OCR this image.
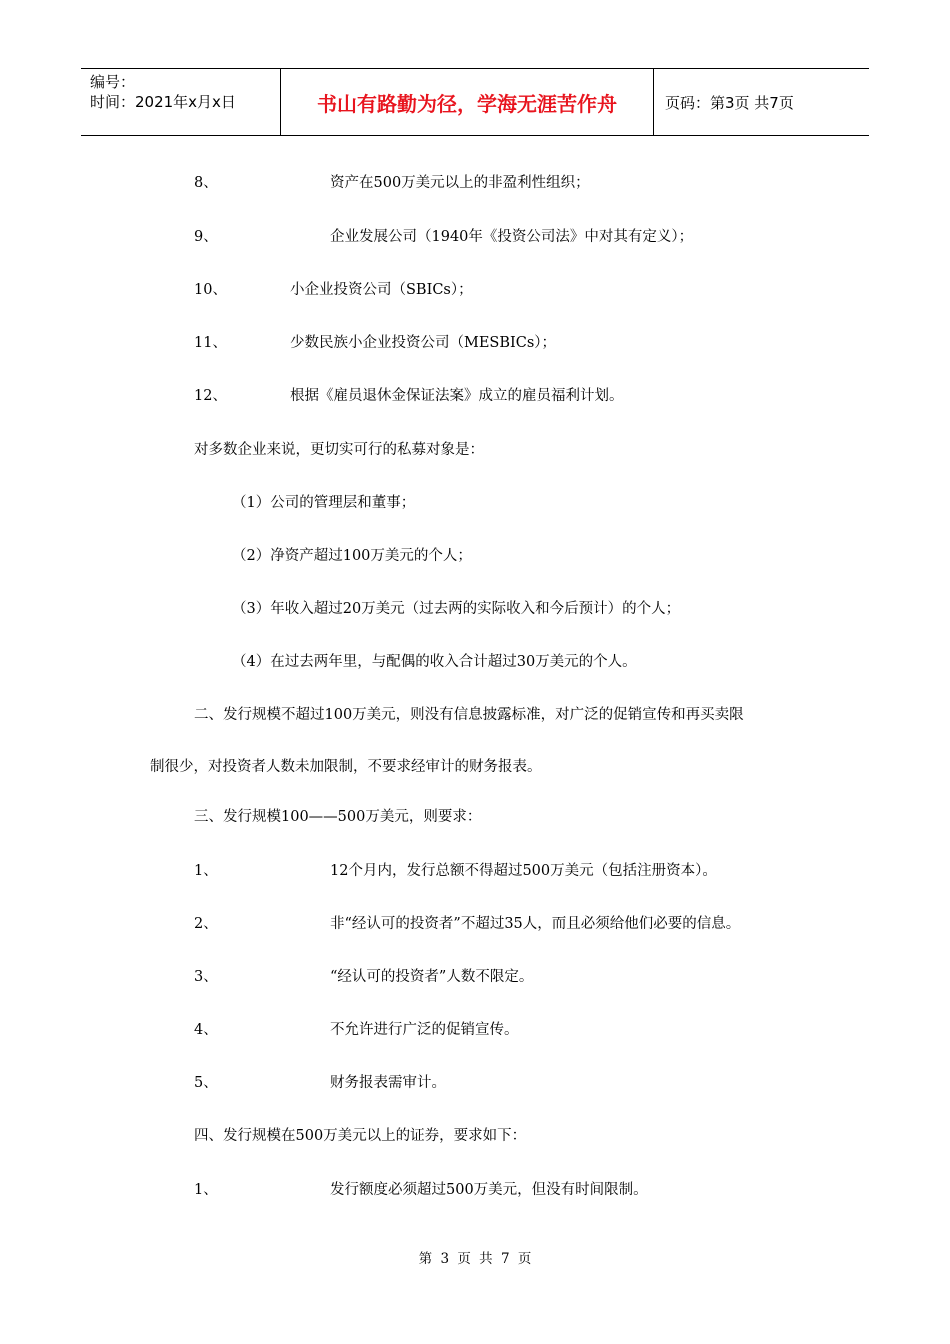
编号：
时间：2021年x月x日	书山有路勤为径，学海无涯苦作舟	页码：第3页 共7页
8、	资产在500万美元以上的非盈利性组织；
9、	企业发展公司（1940年《投资公司法》中对其有定义）；
10、	小企业投资公司（SBICs）；
11、	少数民族小企业投资公司（MESBICs）；
12、	根据《雇员退休金保证法案》成立的雇员福利计划。
对多数企业来说，更切实可行的私募对象是：
（1）公司的管理层和董事；
（2）净资产超过100万美元的个人；
（3）年收入超过20万美元（过去两的实际收入和今后预计）的个人；
（4）在过去两年里，与配偶的收入合计超过30万美元的个人。
二、发行规模不超过100万美元，则没有信息披露标准，对广泛的促销宣传和再买卖限
制很少，对投资者人数未加限制，不要求经审计的财务报表。
三、发行规模100——500万美元，则要求：
1、	12个月内，发行总额不得超过500万美元（包括注册资本）。
2、	非“经认可的投资者”不超过35人，而且必须给他们必要的信息。
3、	“经认可的投资者”人数不限定。
4、	不允许进行广泛的促销宣传。
5、	财务报表需审计。
四、发行规模在500万美元以上的证券，要求如下：
1、	发行额度必须超过500万美元，但没有时间限制。
第 3 页 共 7 页
